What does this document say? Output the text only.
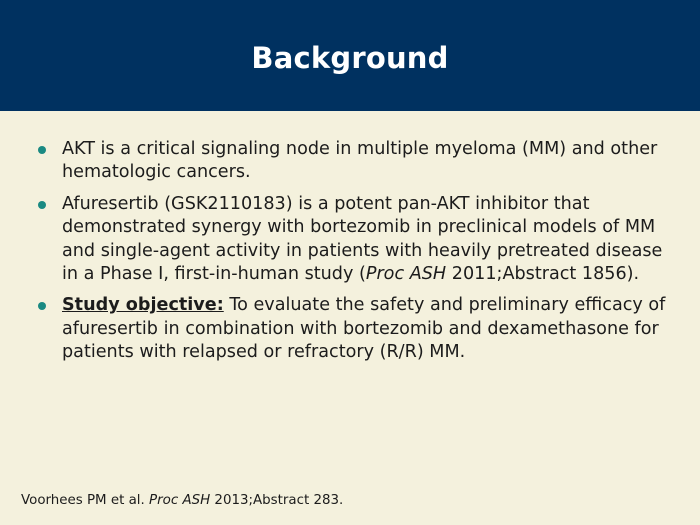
Background
AKT is a critical signaling node in multiple myeloma (MM) and other hematologic cancers.
Afuresertib (GSK2110183) is a potent pan-AKT inhibitor that demonstrated synergy with bortezomib in preclinical models of MM and single-agent activity in patients with heavily pretreated disease in a Phase I, first-in-human study (Proc ASH 2011;Abstract 1856).
Study objective: To evaluate the safety and preliminary efficacy of afuresertib in combination with bortezomib and dexamethasone for patients with relapsed or refractory (R/R) MM.
Voorhees PM et al. Proc ASH 2013;Abstract 283.
